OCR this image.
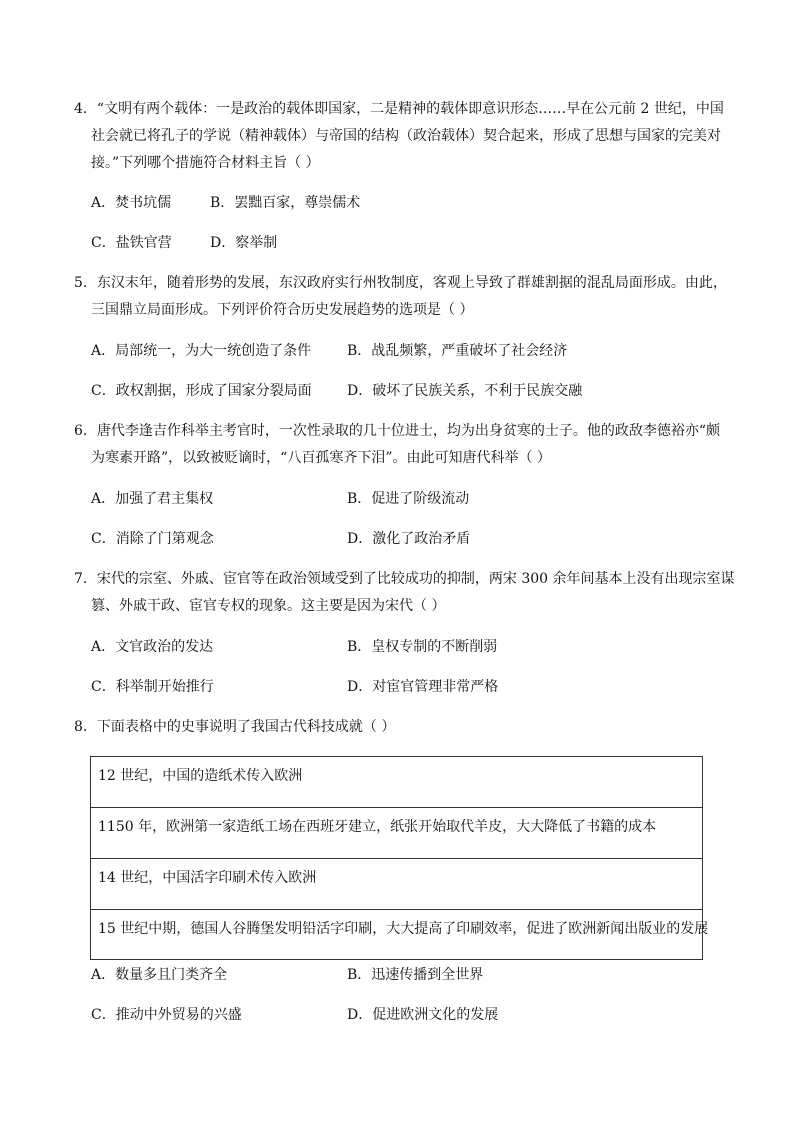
4．“文明有两个载体：一是政治的载体即国家，二是精神的载体即意识形态……早在公元前 2 世纪，中国
社会就已将孔子的学说（精神载体）与帝国的结构（政治载体）契合起来，形成了思想与国家的完美对
接。”下列哪个措施符合材料主旨（ ）
A．焚书坑儒	B．罢黜百家，尊崇儒术
C．盐铁官营	D．察举制
5．东汉末年，随着形势的发展，东汉政府实行州牧制度，客观上导致了群雄割据的混乱局面形成。由此，
三国鼎立局面形成。下列评价符合历史发展趋势的选项是（ ）
A．局部统一，为大一统创造了条件	B．战乱频繁，严重破坏了社会经济
C．政权割据，形成了国家分裂局面	D．破坏了民族关系，不利于民族交融
6．唐代李逢吉作科举主考官时，一次性录取的几十位进士，均为出身贫寒的士子。他的政敌李德裕亦“颇
为寒素开路”，以致被贬谪时，“八百孤寒齐下泪”。由此可知唐代科举（ ）
A．加强了君主集权	B．促进了阶级流动
C．消除了门第观念	D．激化了政治矛盾
7．宋代的宗室、外戚、宦官等在政治领域受到了比较成功的抑制，两宋 300 余年间基本上没有出现宗室谋
篡、外戚干政、宦官专权的现象。这主要是因为宋代（ ）
A．文官政治的发达	B．皇权专制的不断削弱
C．科举制开始推行	D．对宦官管理非常严格
8．下面表格中的史事说明了我国古代科技成就（ ）
12 世纪，中国的造纸术传入欧洲
1150 年，欧洲第一家造纸工场在西班牙建立，纸张开始取代羊皮，大大降低了书籍的成本
14 世纪，中国活字印刷术传入欧洲
15 世纪中期，德国人谷腾堡发明铅活字印刷，大大提高了印刷效率，促进了欧洲新闻出版业的发展
A．数量多且门类齐全	B．迅速传播到全世界
C．推动中外贸易的兴盛	D．促进欧洲文化的发展
